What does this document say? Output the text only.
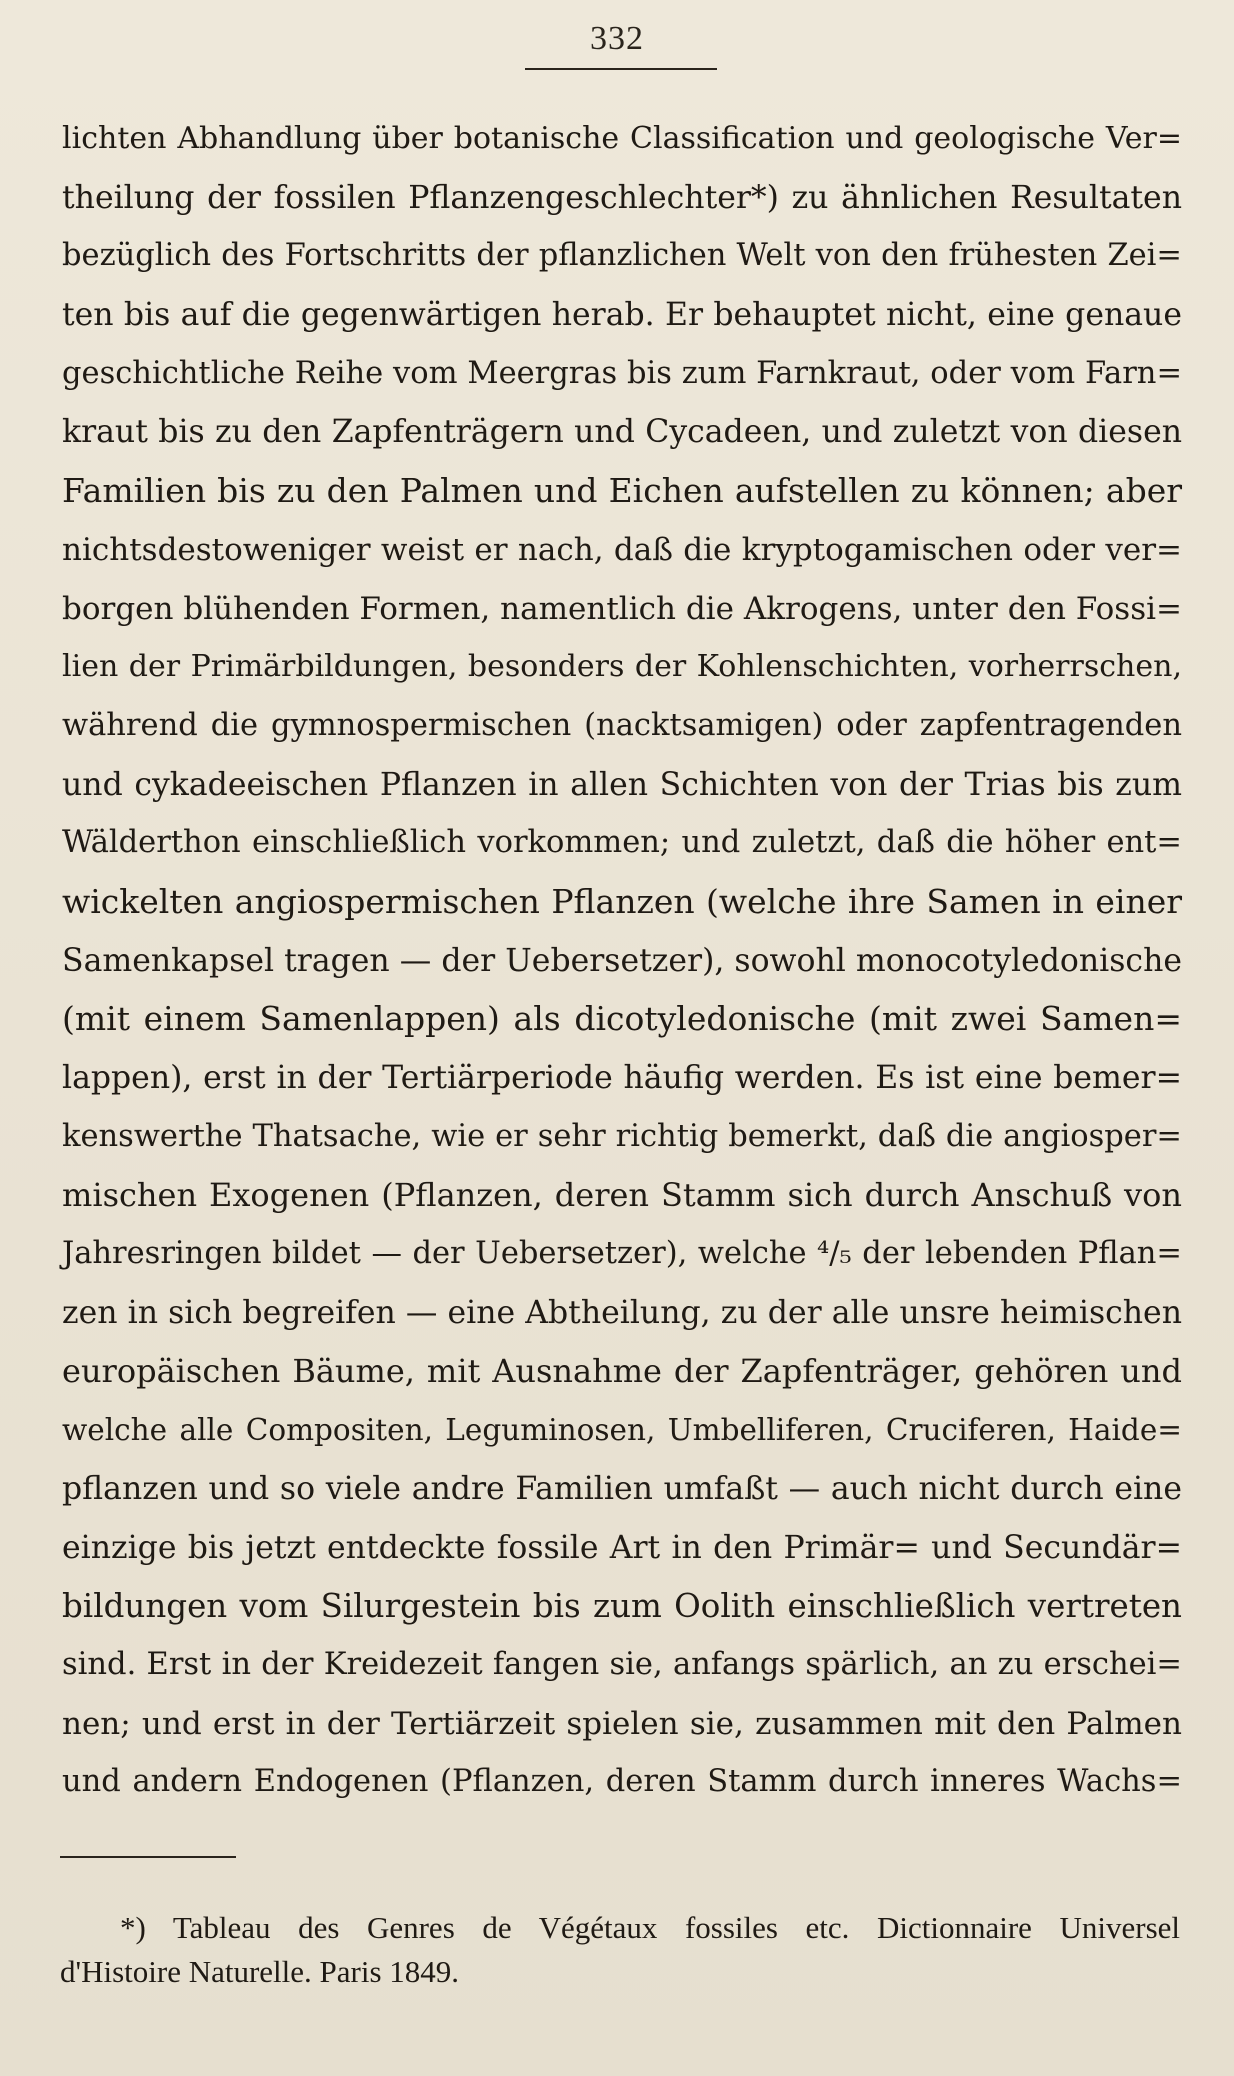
332
lichten Abhandlung über botanische Classification und geologische Ver=
theilung der fossilen Pflanzengeschlechter*) zu ähnlichen Resultaten
bezüglich des Fortschritts der pflanzlichen Welt von den frühesten Zei=
ten bis auf die gegenwärtigen herab. Er behauptet nicht, eine genaue
geschichtliche Reihe vom Meergras bis zum Farnkraut, oder vom Farn=
kraut bis zu den Zapfenträgern und Cycadeen, und zuletzt von diesen
Familien bis zu den Palmen und Eichen aufstellen zu können; aber
nichtsdestoweniger weist er nach, daß die kryptogamischen oder ver=
borgen blühenden Formen, namentlich die Akrogens, unter den Fossi=
lien der Primärbildungen, besonders der Kohlenschichten, vorherrschen,
während die gymnospermischen (nacktsamigen) oder zapfentragenden
und cykadeeischen Pflanzen in allen Schichten von der Trias bis zum
Wälderthon einschließlich vorkommen; und zuletzt, daß die höher ent=
wickelten angiospermischen Pflanzen (welche ihre Samen in einer
Samenkapsel tragen — der Uebersetzer), sowohl monocotyledonische
(mit einem Samenlappen) als dicotyledonische (mit zwei Samen=
lappen), erst in der Tertiärperiode häufig werden. Es ist eine bemer=
kenswerthe Thatsache, wie er sehr richtig bemerkt, daß die angiosper=
mischen Exogenen (Pflanzen, deren Stamm sich durch Anschuß von
Jahresringen bildet — der Uebersetzer), welche ⁴/₅ der lebenden Pflan=
zen in sich begreifen — eine Abtheilung, zu der alle unsre heimischen
europäischen Bäume, mit Ausnahme der Zapfenträger, gehören und
welche alle Compositen, Leguminosen, Umbelliferen, Cruciferen, Haide=
pflanzen und so viele andre Familien umfaßt — auch nicht durch eine
einzige bis jetzt entdeckte fossile Art in den Primär= und Secundär=
bildungen vom Silurgestein bis zum Oolith einschließlich vertreten
sind. Erst in der Kreidezeit fangen sie, anfangs spärlich, an zu erschei=
nen; und erst in der Tertiärzeit spielen sie, zusammen mit den Palmen
und andern Endogenen (Pflanzen, deren Stamm durch inneres Wachs=
*) Tableau des Genres de Végétaux fossiles etc. Dictionnaire Universel
d'Histoire Naturelle. Paris 1849.
